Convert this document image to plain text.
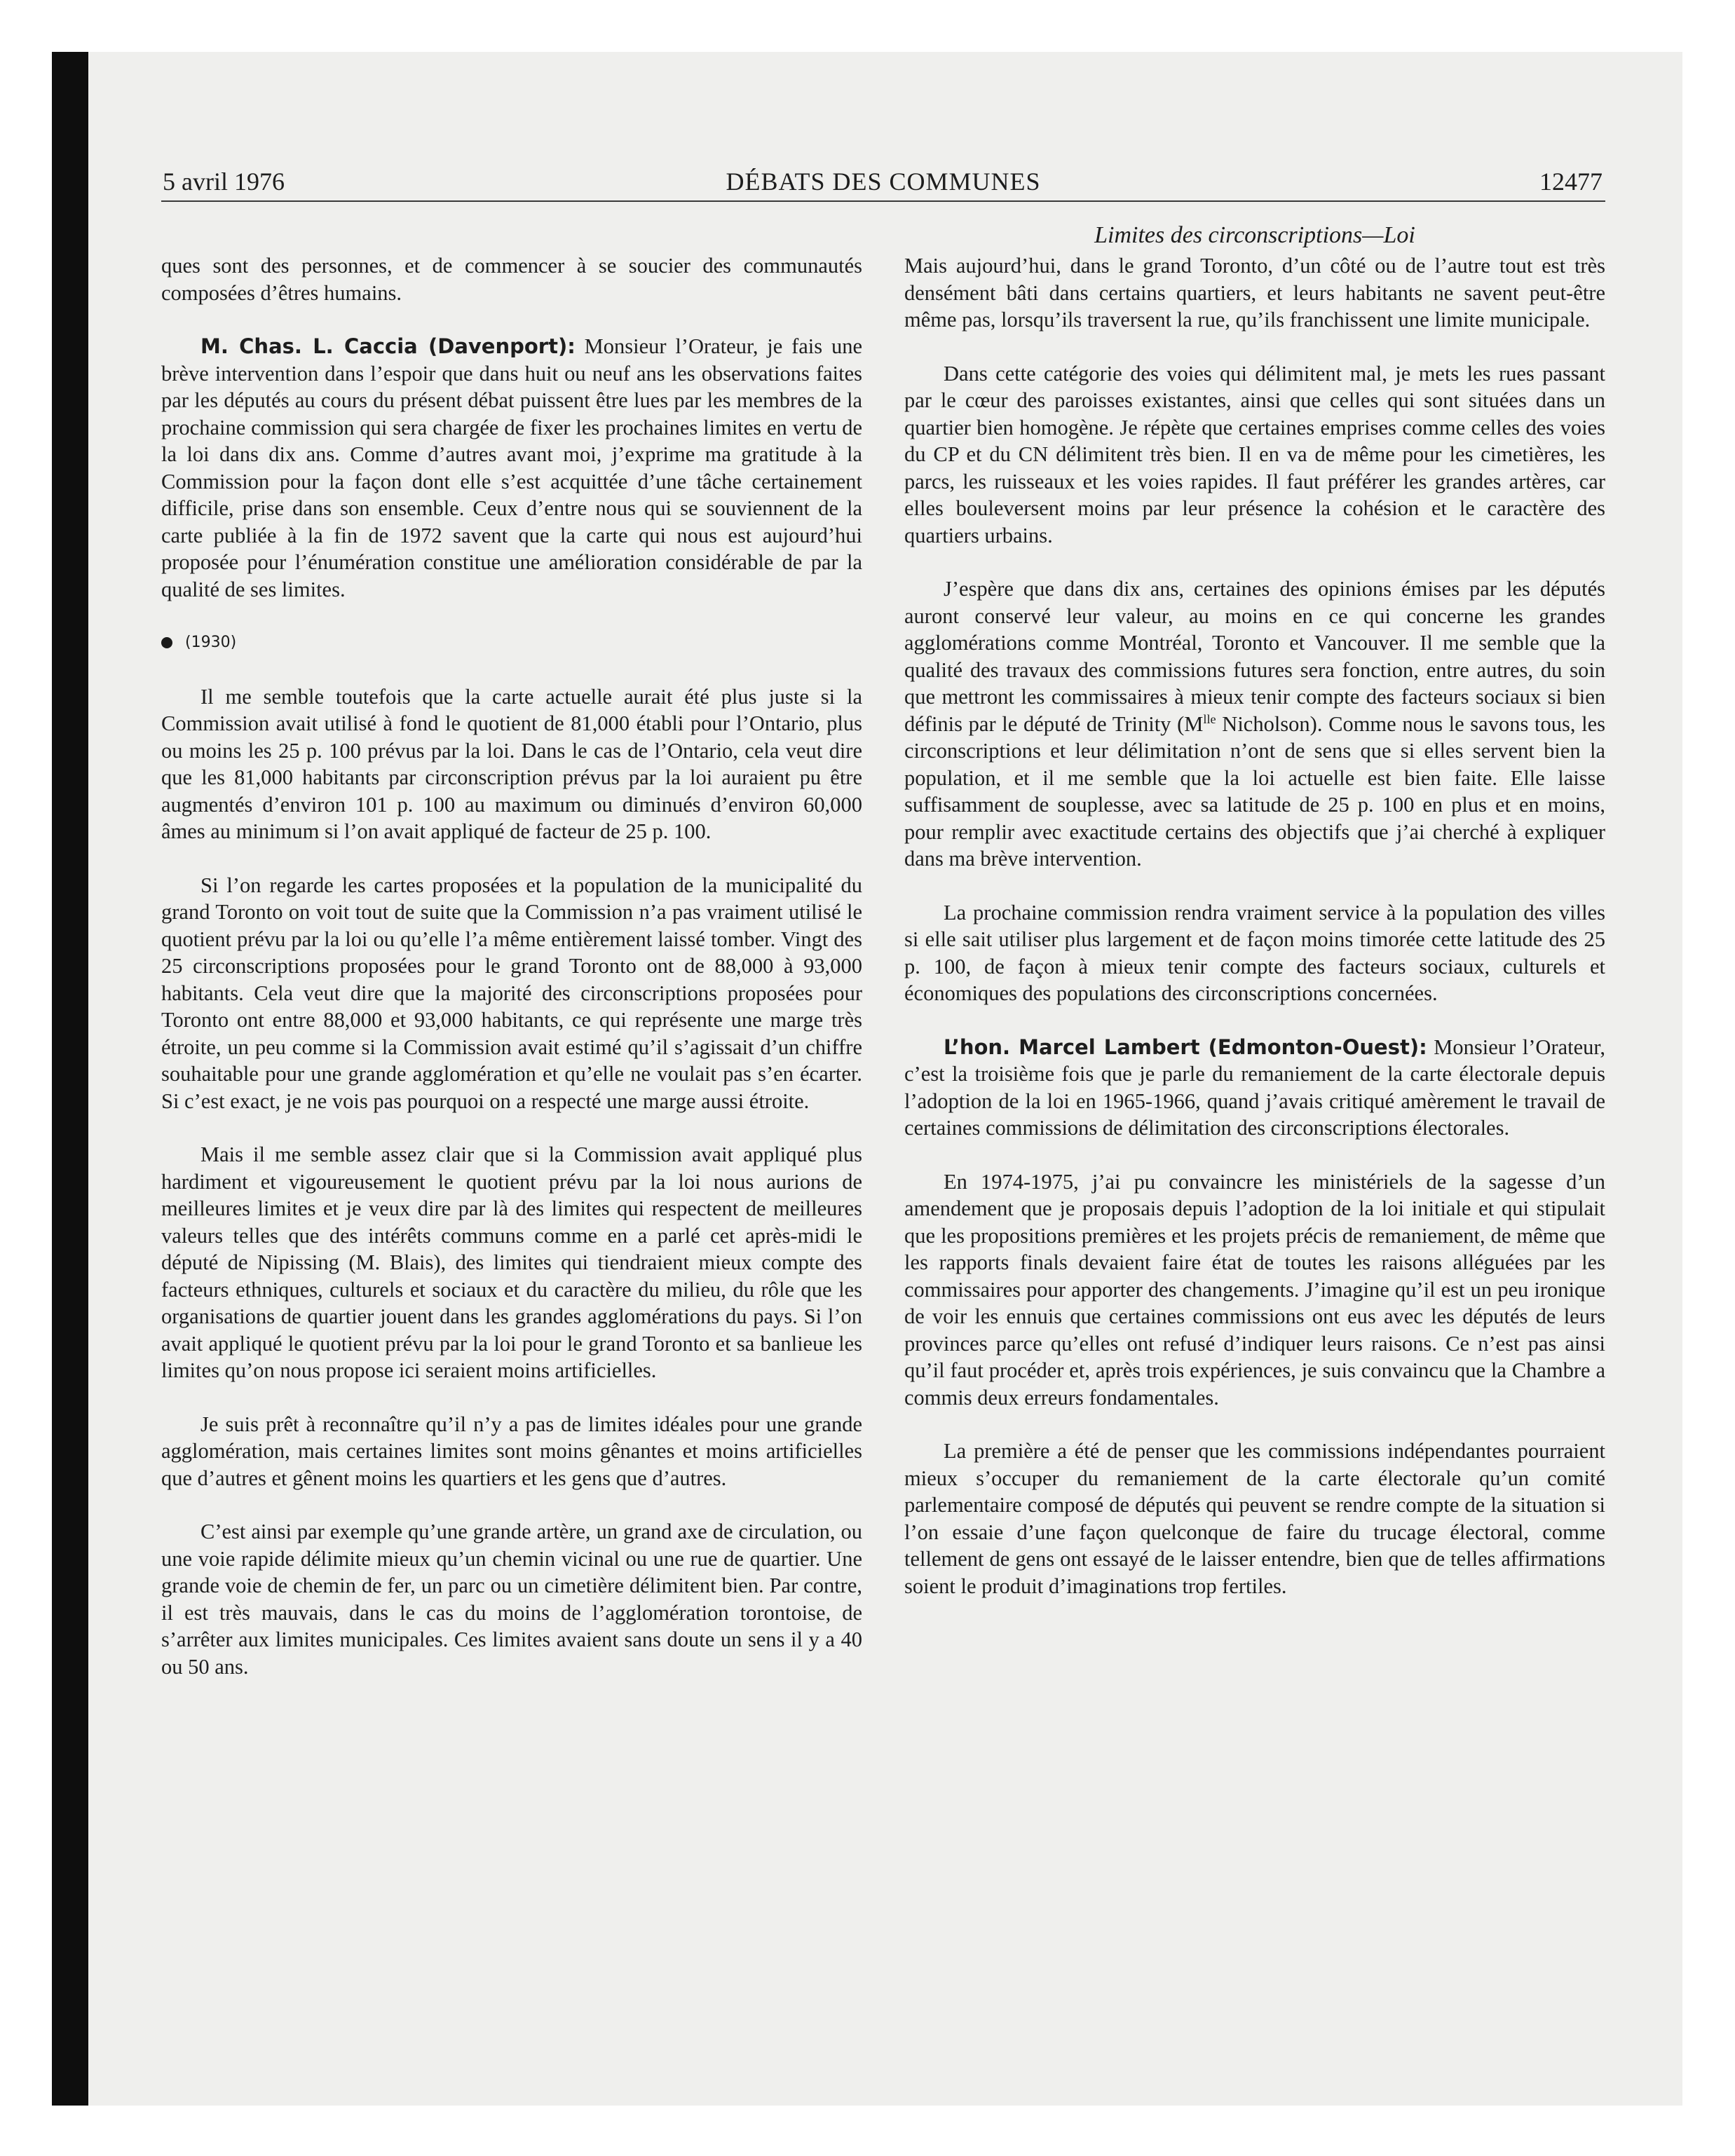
5 avril 1976	DÉBATS DES COMMUNES	12477
Limites des circonscriptions—Loi

ques sont des personnes, et de commencer à se soucier des communautés composées d’êtres humains.

M. Chas. L. Caccia (Davenport): Monsieur l’Orateur, je fais une brève intervention dans l’espoir que dans huit ou neuf ans les observations faites par les députés au cours du présent débat puissent être lues par les membres de la prochaine commission qui sera chargée de fixer les prochaines limites en vertu de la loi dans dix ans. Comme d’autres avant moi, j’exprime ma gratitude à la Commission pour la façon dont elle s’est acquittée d’une tâche certainement difficile, prise dans son ensemble. Ceux d’entre nous qui se souviennent de la carte publiée à la fin de 1972 savent que la carte qui nous est aujourd’hui proposée pour l’énumération constitue une amélioration considérable de par la qualité de ses limites.

(1930)

Il me semble toutefois que la carte actuelle aurait été plus juste si la Commission avait utilisé à fond le quotient de 81,000 établi pour l’Ontario, plus ou moins les 25 p. 100 prévus par la loi. Dans le cas de l’Ontario, cela veut dire que les 81,000 habitants par circonscription prévus par la loi auraient pu être augmentés d’environ 101 p. 100 au maximum ou diminués d’environ 60,000 âmes au minimum si l’on avait appliqué de facteur de 25 p. 100.

Si l’on regarde les cartes proposées et la population de la municipalité du grand Toronto on voit tout de suite que la Commission n’a pas vraiment utilisé le quotient prévu par la loi ou qu’elle l’a même entièrement laissé tomber. Vingt des 25 circonscriptions proposées pour le grand Toronto ont de 88,000 à 93,000 habitants. Cela veut dire que la majorité des circonscriptions proposées pour Toronto ont entre 88,000 et 93,000 habitants, ce qui représente une marge très étroite, un peu comme si la Commission avait estimé qu’il s’agissait d’un chiffre souhaitable pour une grande agglomération et qu’elle ne voulait pas s’en écarter. Si c’est exact, je ne vois pas pourquoi on a respecté une marge aussi étroite.

Mais il me semble assez clair que si la Commission avait appliqué plus hardiment et vigoureusement le quotient prévu par la loi nous aurions de meilleures limites et je veux dire par là des limites qui respectent de meilleures valeurs telles que des intérêts communs comme en a parlé cet après-midi le député de Nipissing (M. Blais), des limites qui tiendraient mieux compte des facteurs ethniques, culturels et sociaux et du caractère du milieu, du rôle que les organisations de quartier jouent dans les grandes agglomérations du pays. Si l’on avait appliqué le quotient prévu par la loi pour le grand Toronto et sa banlieue les limites qu’on nous propose ici seraient moins artificielles.

Je suis prêt à reconnaître qu’il n’y a pas de limites idéales pour une grande agglomération, mais certaines limites sont moins gênantes et moins artificielles que d’autres et gênent moins les quartiers et les gens que d’autres.

C’est ainsi par exemple qu’une grande artère, un grand axe de circulation, ou une voie rapide délimite mieux qu’un chemin vicinal ou une rue de quartier. Une grande voie de chemin de fer, un parc ou un cimetière délimitent bien. Par contre, il est très mauvais, dans le cas du moins de l’agglomération torontoise, de s’arrêter aux limites municipales. Ces limites avaient sans doute un sens il y a 40 ou 50 ans.

Mais aujourd’hui, dans le grand Toronto, d’un côté ou de l’autre tout est très densément bâti dans certains quartiers, et leurs habitants ne savent peut-être même pas, lorsqu’ils traversent la rue, qu’ils franchissent une limite municipale.

Dans cette catégorie des voies qui délimitent mal, je mets les rues passant par le cœur des paroisses existantes, ainsi que celles qui sont situées dans un quartier bien homogène. Je répète que certaines emprises comme celles des voies du CP et du CN délimitent très bien. Il en va de même pour les cimetières, les parcs, les ruisseaux et les voies rapides. Il faut préférer les grandes artères, car elles bouleversent moins par leur présence la cohésion et le caractère des quartiers urbains.

J’espère que dans dix ans, certaines des opinions émises par les députés auront conservé leur valeur, au moins en ce qui concerne les grandes agglomérations comme Montréal, Toronto et Vancouver. Il me semble que la qualité des travaux des commissions futures sera fonction, entre autres, du soin que mettront les commissaires à mieux tenir compte des facteurs sociaux si bien définis par le député de Trinity ($M^{lle}$ Nicholson). Comme nous le savons tous, les circonscriptions et leur délimitation n’ont de sens que si elles servent bien la population, et il me semble que la loi actuelle est bien faite. Elle laisse suffisamment de souplesse, avec sa latitude de 25 p. 100 en plus et en moins, pour remplir avec exactitude certains des objectifs que j’ai cherché à expliquer dans ma brève intervention.

La prochaine commission rendra vraiment service à la population des villes si elle sait utiliser plus largement et de façon moins timorée cette latitude des 25 p. 100, de façon à mieux tenir compte des facteurs sociaux, culturels et économiques des populations des circonscriptions concernées.

L’hon. Marcel Lambert (Edmonton-Ouest): Monsieur l’Orateur, c’est la troisième fois que je parle du remaniement de la carte électorale depuis l’adoption de la loi en 1965-1966, quand j’avais critiqué amèrement le travail de certaines commissions de délimitation des circonscriptions électorales.

En 1974-1975, j’ai pu convaincre les ministériels de la sagesse d’un amendement que je proposais depuis l’adoption de la loi initiale et qui stipulait que les propositions premières et les projets précis de remaniement, de même que les rapports finals devaient faire état de toutes les raisons alléguées par les commissaires pour apporter des changements. J’imagine qu’il est un peu ironique de voir les ennuis que certaines commissions ont eus avec les députés de leurs provinces parce qu’elles ont refusé d’indiquer leurs raisons. Ce n’est pas ainsi qu’il faut procéder et, après trois expériences, je suis convaincu que la Chambre a commis deux erreurs fondamentales.

La première a été de penser que les commissions indépendantes pourraient mieux s’occuper du remaniement de la carte électorale qu’un comité parlementaire composé de députés qui peuvent se rendre compte de la situation si l’on essaie d’une façon quelconque de faire du trucage électoral, comme tellement de gens ont essayé de le laisser entendre, bien que de telles affirmations soient le produit d’imaginations trop fertiles.
